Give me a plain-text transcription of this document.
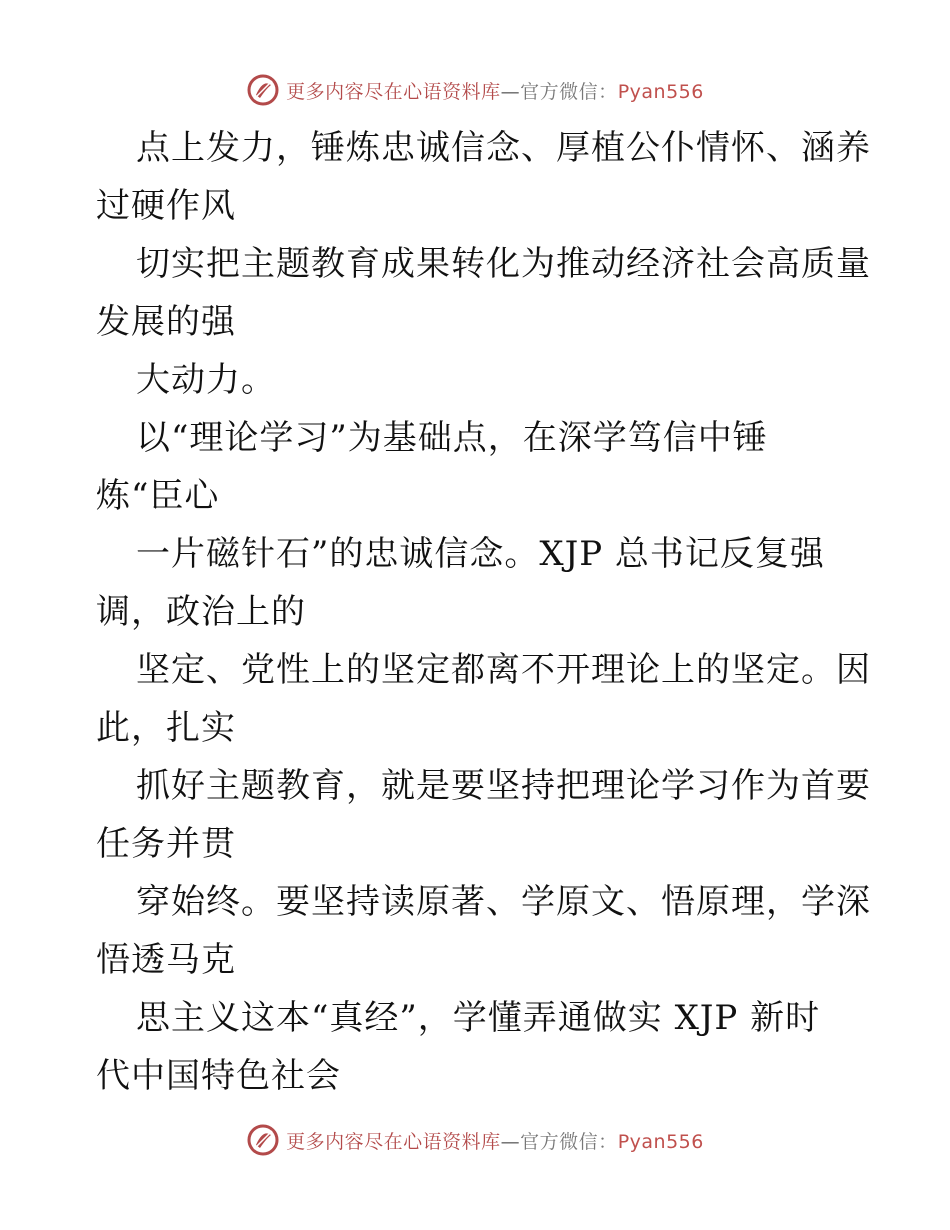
更多内容尽在心语资料库—官方微信：Pyan556

点上发力，锤炼忠诚信念、厚植公仆情怀、涵养

过硬作风

切实把主题教育成果转化为推动经济社会高质量

发展的强

大动力。

以“理论学习”为基础点，在深学笃信中锤

炼“臣心

一片磁针石”的忠诚信念。XJP 总书记反复强

调，政治上的

坚定、党性上的坚定都离不开理论上的坚定。因

此，扎实

抓好主题教育，就是要坚持把理论学习作为首要

任务并贯

穿始终。要坚持读原著、学原文、悟原理，学深

悟透马克

思主义这本“真经”，学懂弄通做实 XJP 新时

代中国特色社会

更多内容尽在心语资料库—官方微信：Pyan556
